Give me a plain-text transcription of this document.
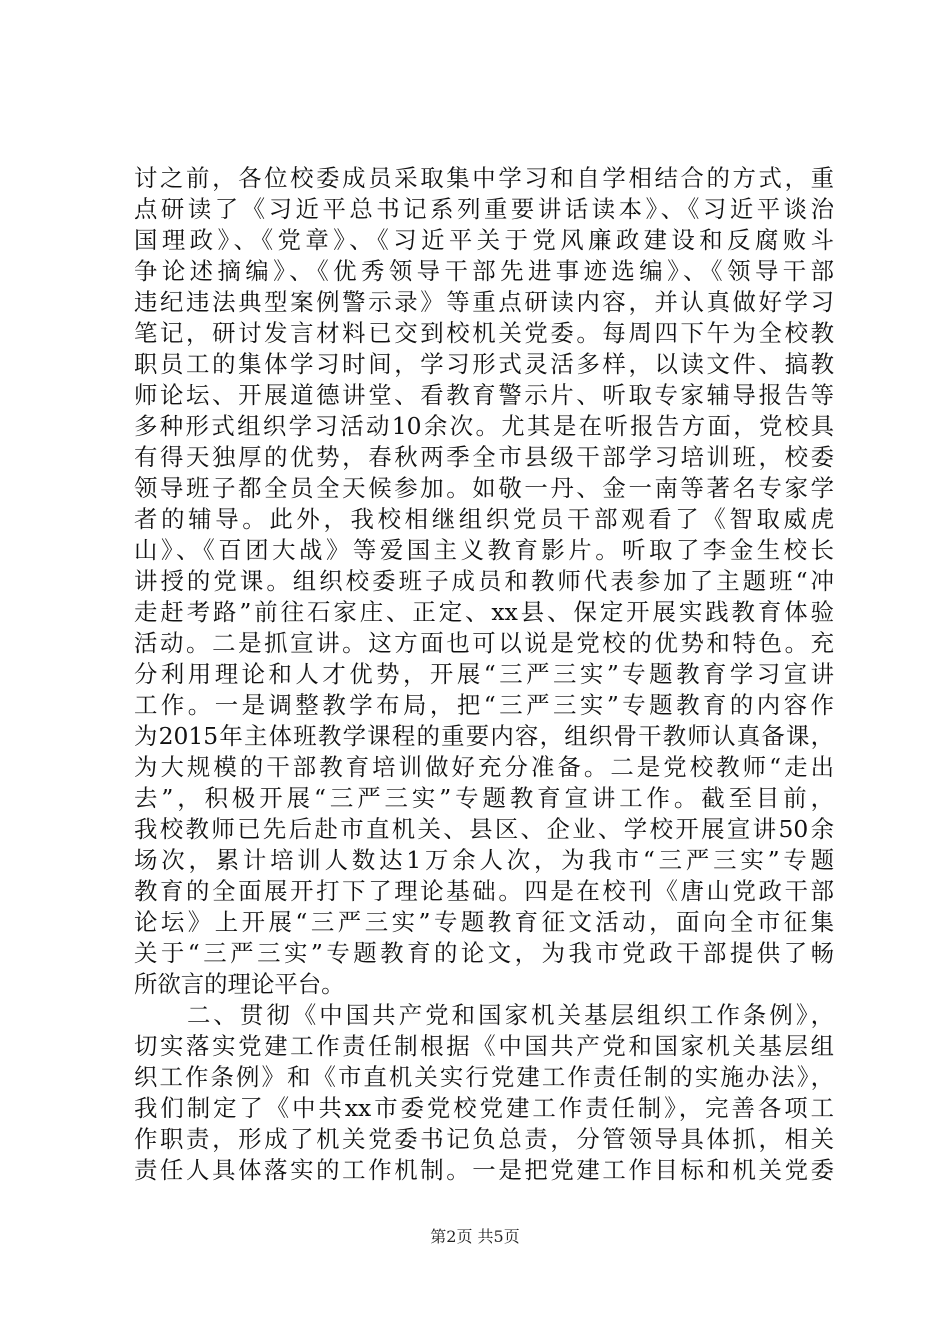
讨之前，各位校委成员采取集中学习和自学相结合的方式，重
点研读了《习近平总书记系列重要讲话读本》、《习近平谈治
国理政》、《党章》、《习近平关于党风廉政建设和反腐败斗
争论述摘编》、《优秀领导干部先进事迹选编》、《领导干部
违纪违法典型案例警示录》等重点研读内容，并认真做好学习
笔记，研讨发言材料已交到校机关党委。每周四下午为全校教
职员工的集体学习时间，学习形式灵活多样，以读文件、搞教
师论坛、开展道德讲堂、看教育警示片、听取专家辅导报告等
多种形式组织学习活动10余次。尤其是在听报告方面，党校具
有得天独厚的优势，春秋两季全市县级干部学习培训班，校委
领导班子都全员全天候参加。如敬一丹、金一南等著名专家学
者的辅导。此外，我校相继组织党员干部观看了《智取威虎
山》、《百团大战》等爱国主义教育影片。听取了李金生校长
讲授的党课。组织校委班子成员和教师代表参加了主题班“冲
走赶考路”前往石家庄、正定、xx县、保定开展实践教育体验
活动。二是抓宣讲。这方面也可以说是党校的优势和特色。充
分利用理论和人才优势，开展“三严三实”专题教育学习宣讲
工作。一是调整教学布局，把“三严三实”专题教育的内容作
为2015年主体班教学课程的重要内容，组织骨干教师认真备课，
为大规模的干部教育培训做好充分准备。二是党校教师“走出
去”，积极开展“三严三实”专题教育宣讲工作。截至目前，
我校教师已先后赴市直机关、县区、企业、学校开展宣讲50余
场次，累计培训人数达1万余人次，为我市“三严三实”专题
教育的全面展开打下了理论基础。四是在校刊《唐山党政干部
论坛》上开展“三严三实”专题教育征文活动，面向全市征集
关于“三严三实”专题教育的论文，为我市党政干部提供了畅
所欲言的理论平台。
　　二、贯彻《中国共产党和国家机关基层组织工作条例》，
切实落实党建工作责任制根据《中国共产党和国家机关基层组
织工作条例》和《市直机关实行党建工作责任制的实施办法》，
我们制定了《中共xx市委党校党建工作责任制》，完善各项工
作职责，形成了机关党委书记负总责，分管领导具体抓，相关
责任人具体落实的工作机制。一是把党建工作目标和机关党委
第2页 共5页
